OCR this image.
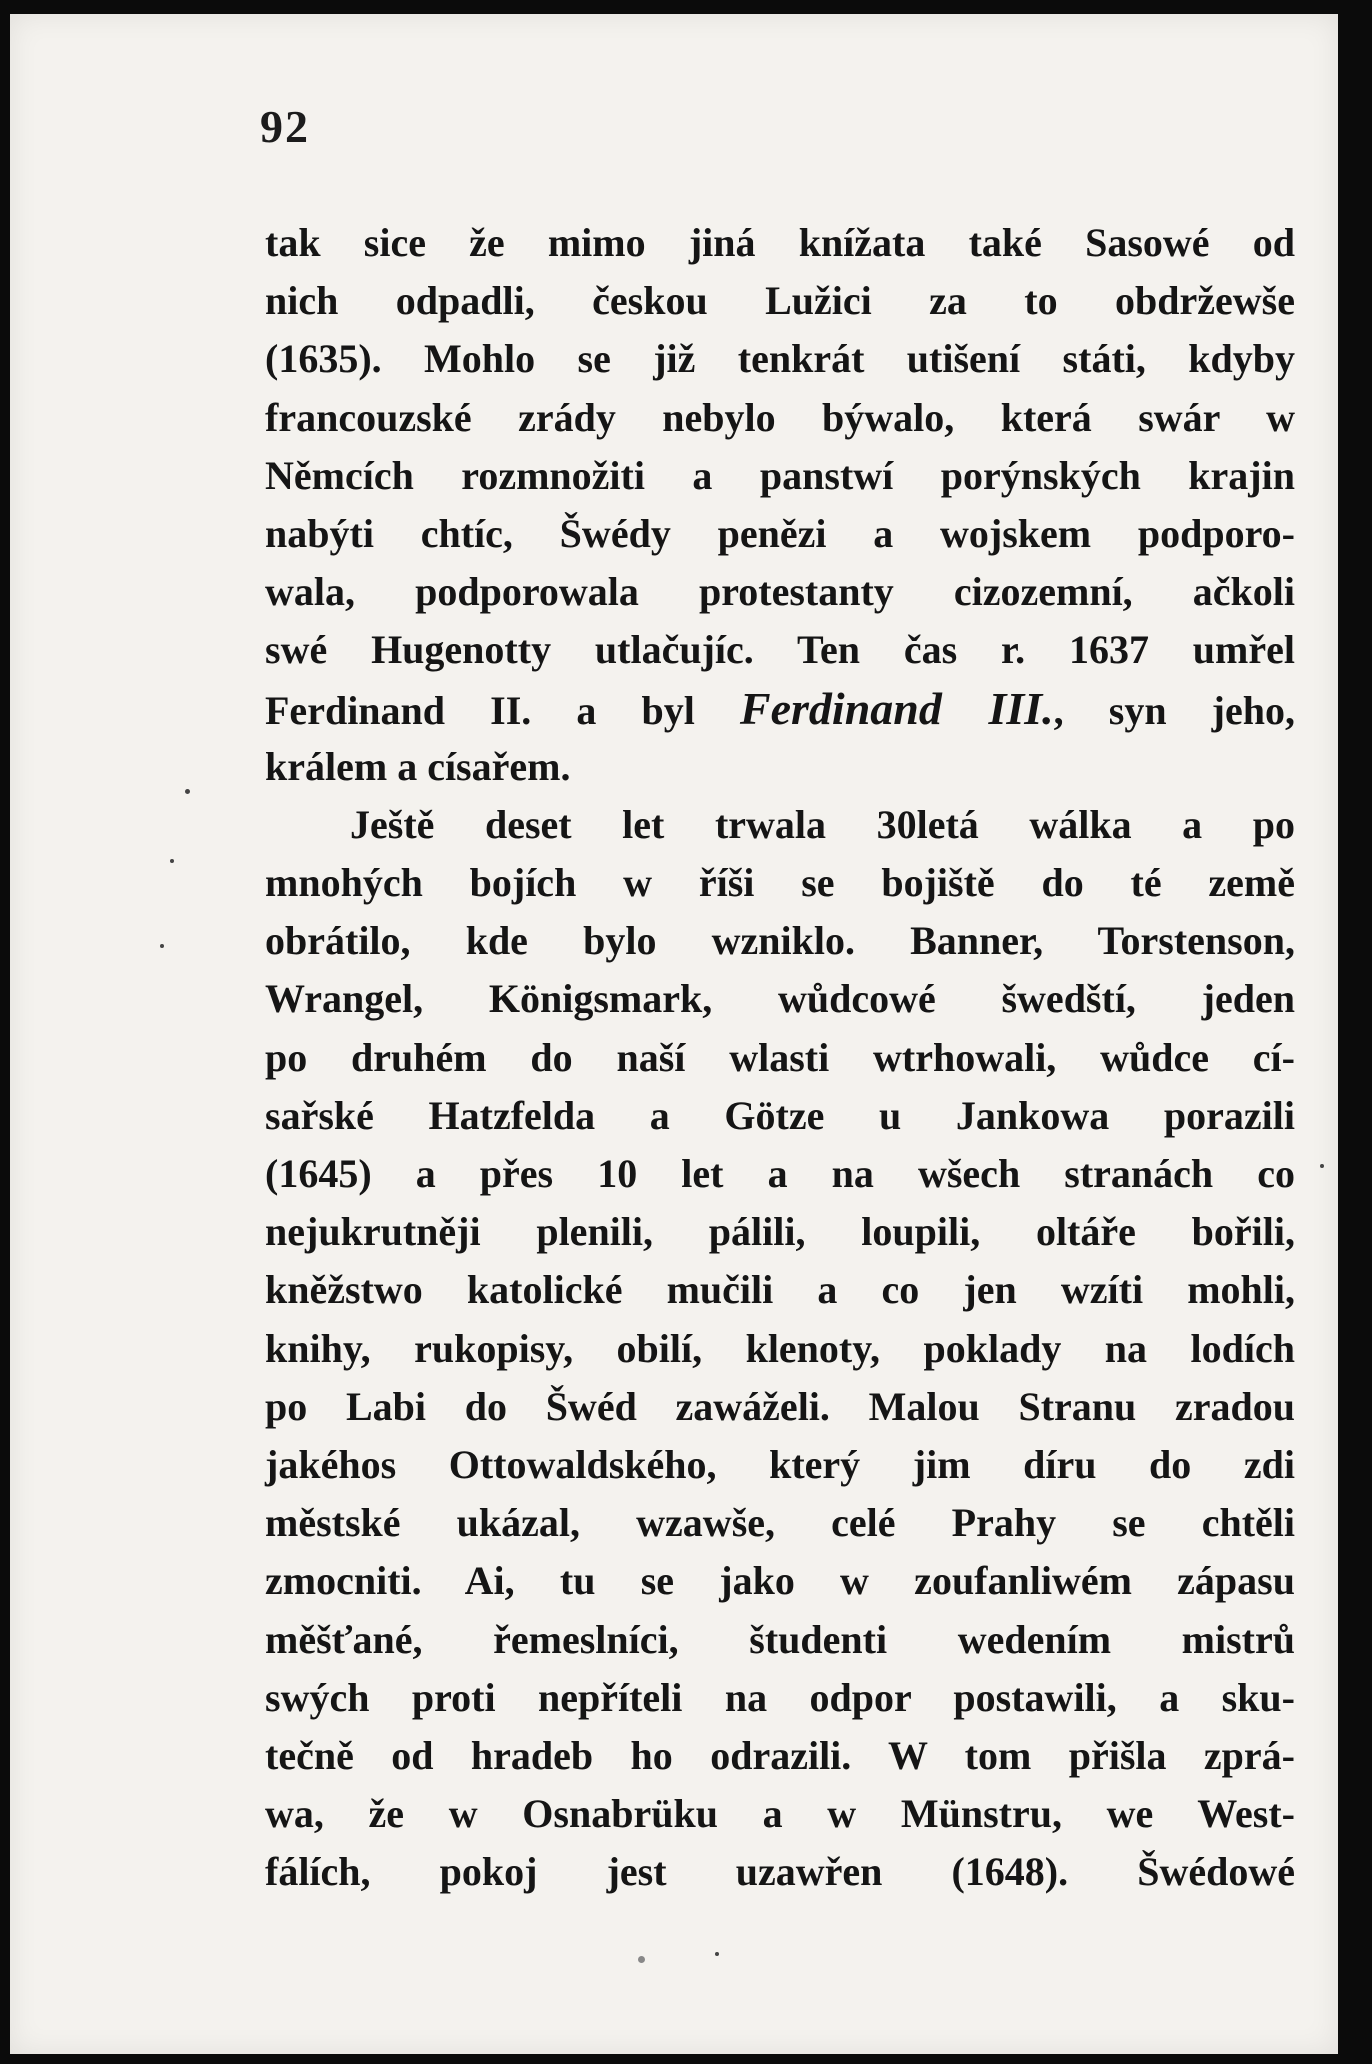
92
tak sice že mimo jiná knížata také Sasowé od
nich odpadli, českou Lužici za to obdržewše
(1635). Mohlo se již tenkrát utišení státi, kdyby
francouzské zrády nebylo býwalo, která swár w
Němcích rozmnožiti a panstwí porýnských krajin
nabýti chtíc, Šwédy penězi a wojskem podporo-
wala, podporowala protestanty cizozemní, ačkoli
swé Hugenotty utlačujíc. Ten čas r. 1637 umřel
Ferdinand II. a byl Ferdinand III., syn jeho,
králem a císařem.
Ještě deset let trwala 30letá wálka a po
mnohých bojích w říši se bojiště do té země
obrátilo, kde bylo wzniklo. Banner, Torstenson,
Wrangel, Königsmark, wůdcowé šwedští, jeden
po druhém do naší wlasti wtrhowali, wůdce cí-
sařské Hatzfelda a Götze u Jankowa porazili
(1645) a přes 10 let a na wšech stranách co
nejukrutněji plenili, pálili, loupili, oltáře bořili,
kněžstwo katolické mučili a co jen wzíti mohli,
knihy, rukopisy, obilí, klenoty, poklady na lodích
po Labi do Šwéd zawáželi. Malou Stranu zradou
jakéhos Ottowaldského, který jim díru do zdi
městské ukázal, wzawše, celé Prahy se chtěli
zmocniti. Ai, tu se jako w zoufanliwém zápasu
měšťané, řemeslníci, študenti wedením mistrů
swých proti nepříteli na odpor postawili, a sku-
tečně od hradeb ho odrazili. W tom přišla zprá-
wa, že w Osnabrüku a w Münstru, we West-
fálích, pokoj jest uzawřen (1648). Šwédowé
